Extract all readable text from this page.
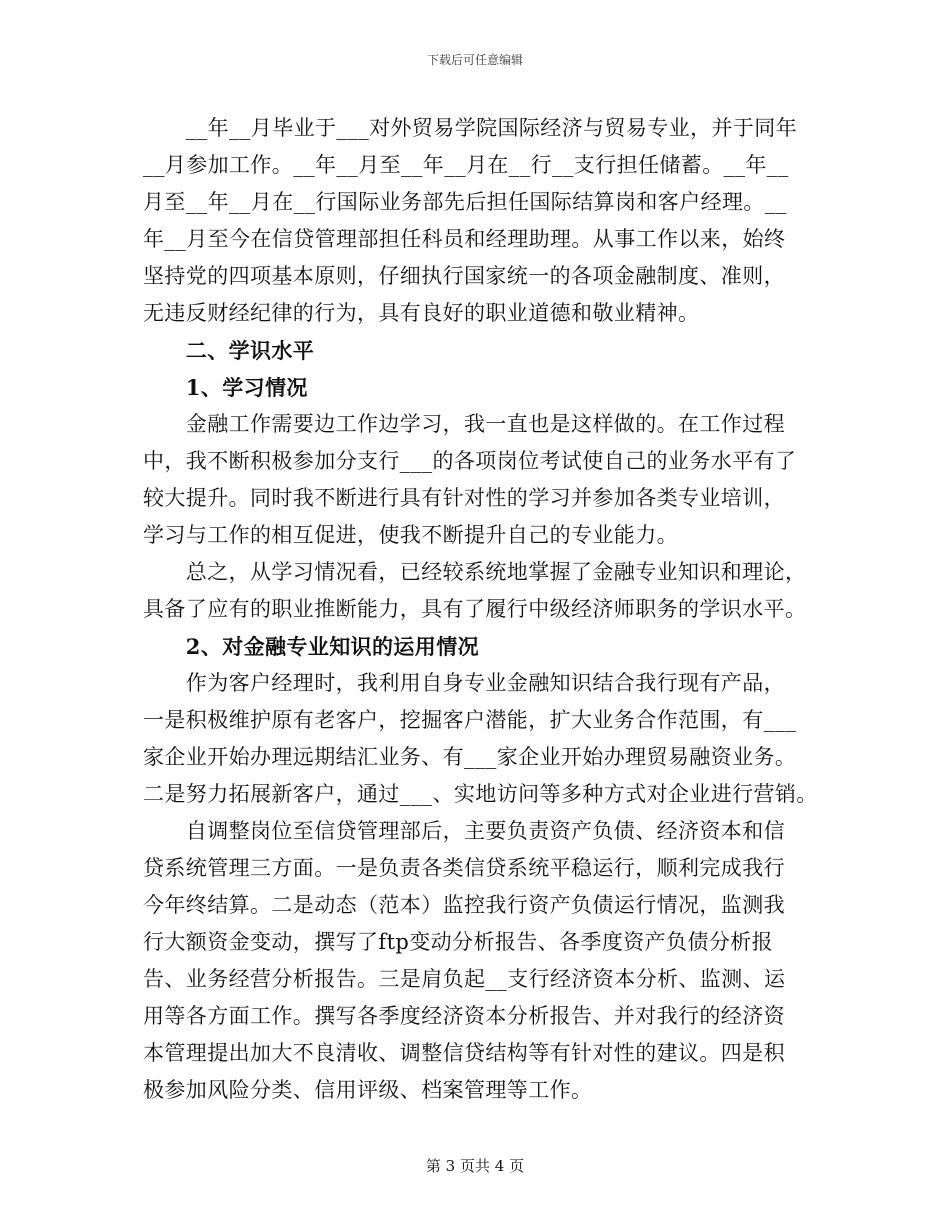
下载后可任意编辑
　　__年__月毕业于___对外贸易学院国际经济与贸易专业，并于同年
__月参加工作。__年__月至__年__月在__行__支行担任储蓄。__年__
月至__年__月在__行国际业务部先后担任国际结算岗和客户经理。__
年__月至今在信贷管理部担任科员和经理助理。从事工作以来，始终
坚持党的四项基本原则，仔细执行国家统一的各项金融制度、准则，
无违反财经纪律的行为，具有良好的职业道德和敬业精神。
　　二、学识水平
　　1、学习情况
　　金融工作需要边工作边学习，我一直也是这样做的。在工作过程
中，我不断积极参加分支行___的各项岗位考试使自己的业务水平有了
较大提升。同时我不断进行具有针对性的学习并参加各类专业培训，
学习与工作的相互促进，使我不断提升自己的专业能力。
　　总之，从学习情况看，已经较系统地掌握了金融专业知识和理论，
具备了应有的职业推断能力，具有了履行中级经济师职务的学识水平。
　　2、对金融专业知识的运用情况
　　作为客户经理时，我利用自身专业金融知识结合我行现有产品，
一是积极维护原有老客户，挖掘客户潜能，扩大业务合作范围，有___
家企业开始办理远期结汇业务、有___家企业开始办理贸易融资业务。
二是努力拓展新客户，通过___、实地访问等多种方式对企业进行营销。
　　自调整岗位至信贷管理部后，主要负责资产负债、经济资本和信
贷系统管理三方面。一是负责各类信贷系统平稳运行，顺利完成我行
今年终结算。二是动态（范本）监控我行资产负债运行情况，监测我
行大额资金变动，撰写了ftp变动分析报告、各季度资产负债分析报
告、业务经营分析报告。三是肩负起__支行经济资本分析、监测、运
用等各方面工作。撰写各季度经济资本分析报告、并对我行的经济资
本管理提出加大不良清收、调整信贷结构等有针对性的建议。四是积
极参加风险分类、信用评级、档案管理等工作。
第 3 页共 4 页
